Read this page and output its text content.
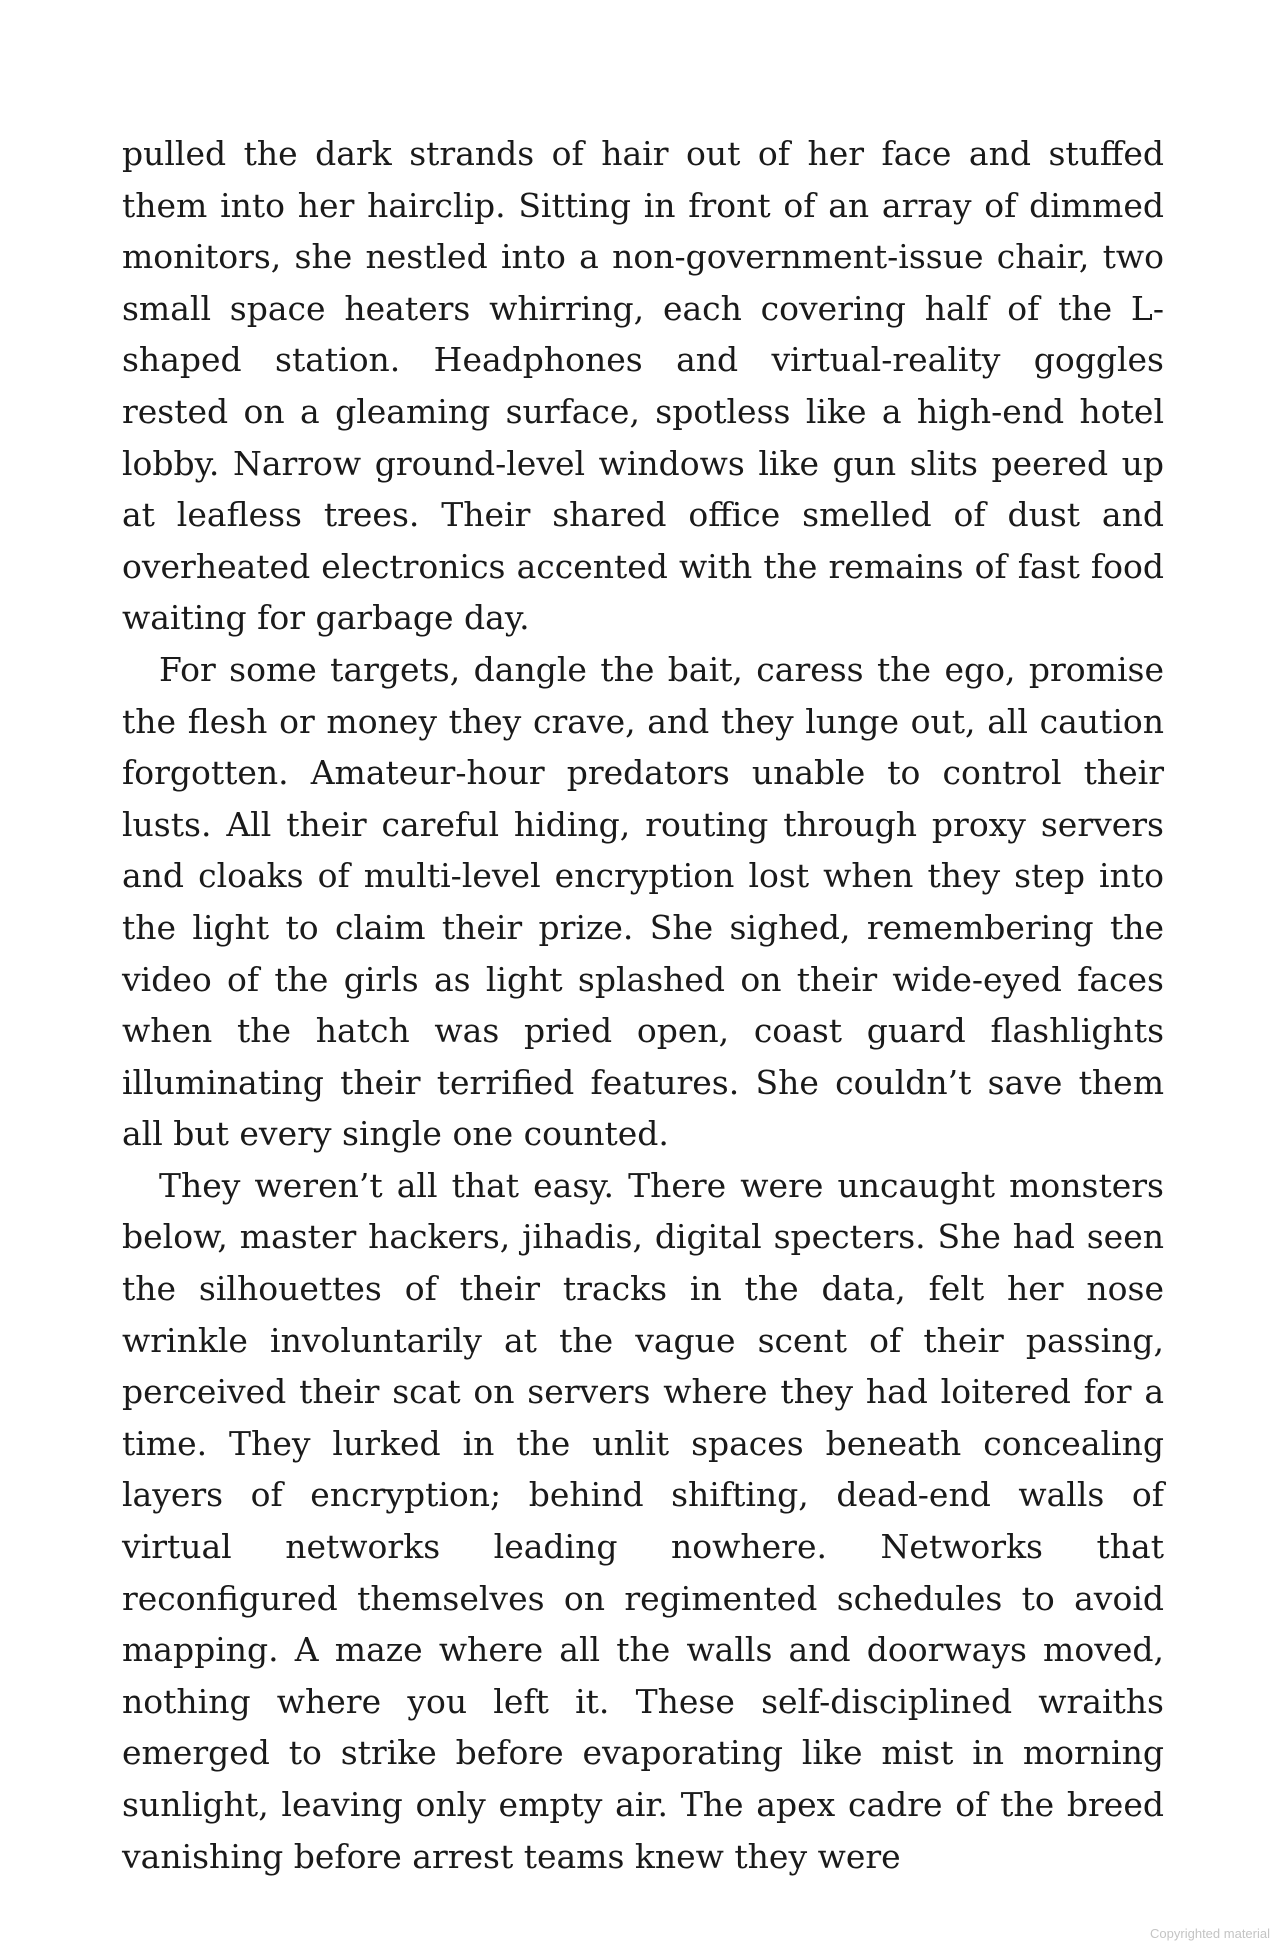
pulled the dark strands of hair out of her face and stuffed them into her hairclip. Sitting in front of an array of dimmed monitors, she nestled into a non-government-issue chair, two small space heaters whirring, each covering half of the L-shaped station. Headphones and virtual-reality goggles rested on a gleaming surface, spotless like a high-end hotel lobby. Narrow ground-level windows like gun slits peered up at leafless trees. Their shared office smelled of dust and overheated electronics accented with the remains of fast food waiting for garbage day.

For some targets, dangle the bait, caress the ego, promise the flesh or money they crave, and they lunge out, all caution forgotten. Amateur-hour predators unable to control their lusts. All their careful hiding, routing through proxy servers and cloaks of multi-level encryption lost when they step into the light to claim their prize. She sighed, remembering the video of the girls as light splashed on their wide-eyed faces when the hatch was pried open, coast guard flashlights illuminating their terrified features. She couldn’t save them all but every single one counted.

They weren’t all that easy. There were uncaught monsters below, master hackers, jihadis, digital specters. She had seen the silhouettes of their tracks in the data, felt her nose wrinkle involuntarily at the vague scent of their passing, perceived their scat on servers where they had loitered for a time. They lurked in the unlit spaces beneath concealing layers of encryption; behind shifting, dead-end walls of virtual networks leading nowhere. Networks that reconfigured themselves on regimented schedules to avoid mapping. A maze where all the walls and doorways moved, nothing where you left it. These self-disciplined wraiths emerged to strike before evaporating like mist in morning sunlight, leaving only empty air. The apex cadre of the breed vanishing before arrest teams knew they were

Copyrighted material
